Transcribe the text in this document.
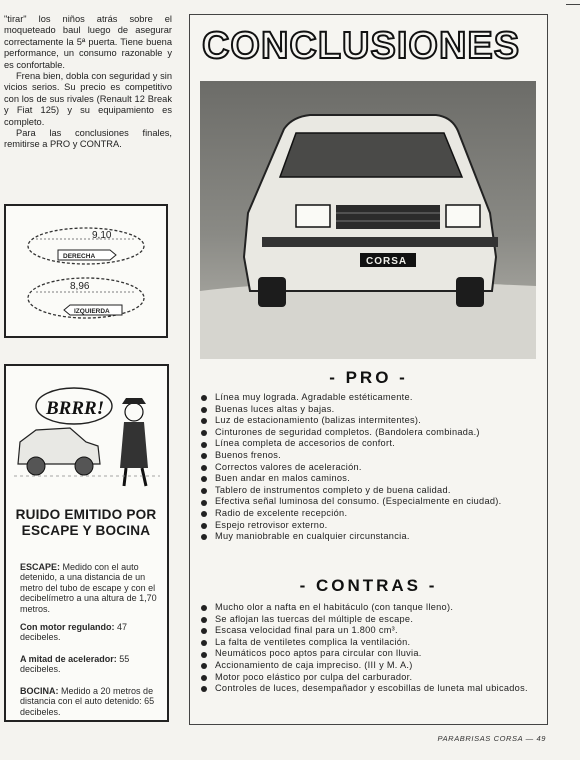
"tirar" los niños atrás sobre el moqueteado baul luego de asegurar correctamente la 5ª puerta. Tiene buena performance, un consumo razonable y es confortable.

Frena bien, dobla con seguridad y sin vicios serios. Su precio es competitivo con los de sus rivales (Renault 12 Break y Fiat 125) y su equipamiento es completo.

Para las conclusiones finales, remitirse a PRO y CONTRA.

9,10
DERECHA
8,96
IZQUIERDA
BRRR!
RUIDO EMITIDO POR ESCAPE Y BOCINA
ESCAPE: Medido con el auto detenido, a una distancia de un metro del tubo de escape y con el decibelímetro a una altura de 1,70 metros.
Con motor regulando: 47 decibeles.
A mitad de acelerador: 55 decibeles.
BOCINA: Medido a 20 metros de distancia con el auto detenido: 65 decibeles.
CONCLUSIONES
CORSA
- PRO -
Línea muy lograda. Agradable estéticamente.
Buenas luces altas y bajas.
Luz de estacionamiento (balizas intermitentes).
Cinturones de seguridad completos. (Bandolera combinada.)
Línea completa de accesorios de confort.
Buenos frenos.
Correctos valores de aceleración.
Buen andar en malos caminos.
Tablero de instrumentos completo y de buena calidad.
Efectiva señal luminosa del consumo. (Especialmente en ciudad).
Radio de excelente recepción.
Espejo retrovisor externo.
Muy maniobrable en cualquier circunstancia.
- CONTRAS -
Mucho olor a nafta en el habitáculo (con tanque lleno).
Se aflojan las tuercas del múltiple de escape.
Escasa velocidad final para un 1.800 cm³.
La falta de ventiletes complica la ventilación.
Neumáticos poco aptos para circular con lluvia.
Accionamiento de caja impreciso. (III y M. A.)
Motor poco elástico por culpa del carburador.
Controles de luces, desempañador y escobillas de luneta mal ubicados.
PARABRISAS CORSA — 49
